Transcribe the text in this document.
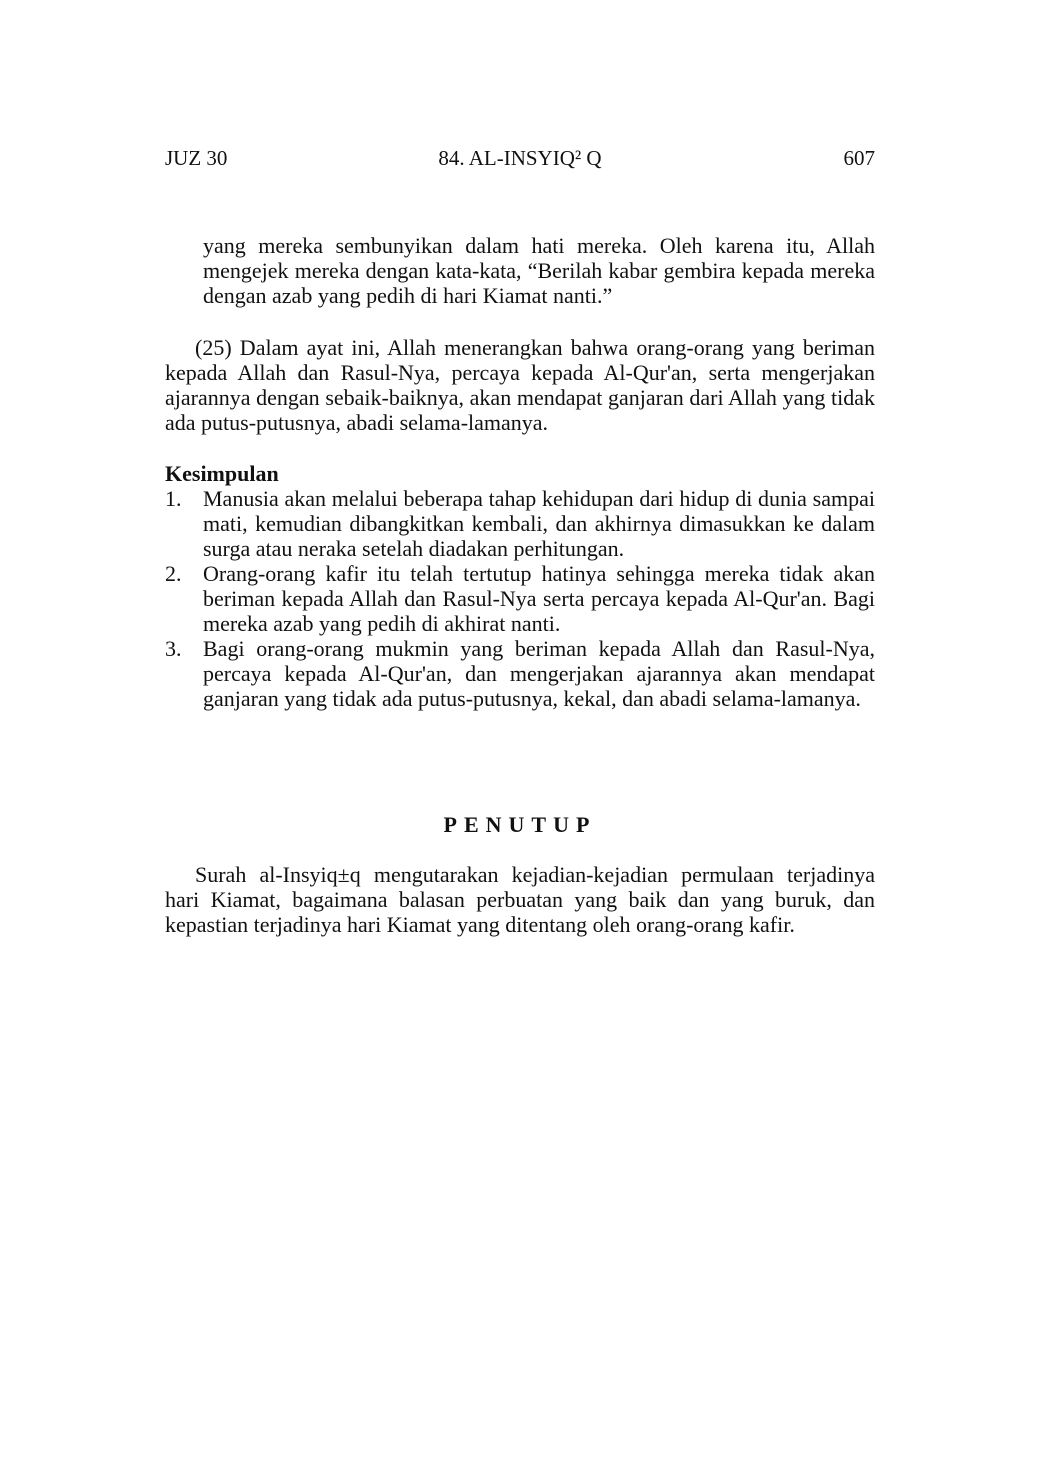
JUZ 30	84. AL-INSYIQ² Q	607

yang mereka sembunyikan dalam hati mereka. Oleh karena itu, Allah mengejek mereka dengan kata-kata, “Berilah kabar gembira kepada mereka dengan azab yang pedih di hari Kiamat nanti.”

(25) Dalam ayat ini, Allah menerangkan bahwa orang-orang yang beriman kepada Allah dan Rasul-Nya, percaya kepada Al-Qur'an, serta mengerjakan ajarannya dengan sebaik-baiknya, akan mendapat ganjaran dari Allah yang tidak ada putus-putusnya, abadi selama-lamanya.

Kesimpulan
1. Manusia akan melalui beberapa tahap kehidupan dari hidup di dunia sampai mati, kemudian dibangkitkan kembali, dan akhirnya dimasukkan ke dalam surga atau neraka setelah diadakan perhitungan.
2. Orang-orang kafir itu telah tertutup hatinya sehingga mereka tidak akan beriman kepada Allah dan Rasul-Nya serta percaya kepada Al-Qur'an. Bagi mereka azab yang pedih di akhirat nanti.
3. Bagi orang-orang mukmin yang beriman kepada Allah dan Rasul-Nya, percaya kepada Al-Qur'an, dan mengerjakan ajarannya akan mendapat ganjaran yang tidak ada putus-putusnya, kekal, dan abadi selama-lamanya.
PENUTUP

Surah al-Insyiq±q mengutarakan kejadian-kejadian permulaan terjadinya hari Kiamat, bagaimana balasan perbuatan yang baik dan yang buruk, dan kepastian terjadinya hari Kiamat yang ditentang oleh orang-orang kafir.
